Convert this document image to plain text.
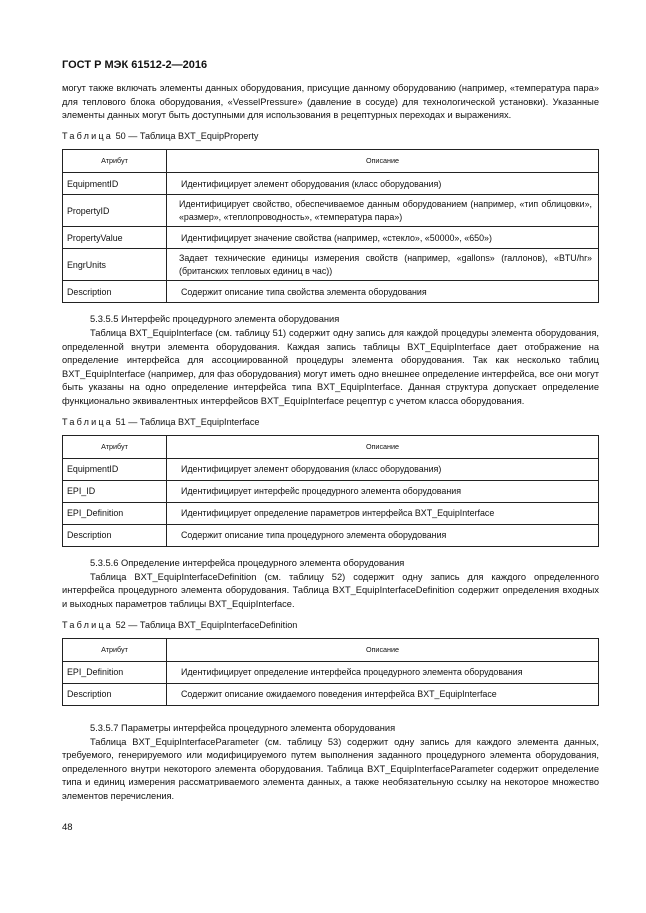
ГОСТ Р МЭК 61512-2—2016

могут также включать элементы данных оборудования, присущие данному оборудованию (например, «температура пара» для теплового блока оборудования, «VesselPressure» (давление в сосуде) для технологической установки). Указанные элементы данных могут быть доступными для использования в рецептурных переходах и выражениях.

Таблица 50 — Таблица BXT_EquipProperty
Атрибут	Описание
EquipmentID	Идентифицирует элемент оборудования (класс оборудования)
PropertyID	Идентифицирует свойство, обеспечиваемое данным оборудованием (например, «тип облицовки», «размер», «теплопроводность», «температура пара»)
PropertyValue	Идентифицирует значение свойства (например, «стекло», «50000», «650»)
EngrUnits	Задает технические единицы измерения свойств (например, «gallons» (галлонов), «BTU/hr» (британских тепловых единиц в час))
Description	Содержит описание типа свойства элемента оборудования

5.3.5.5 Интерфейс процедурного элемента оборудования

Таблица BXT_EquipInterface (см. таблицу 51) содержит одну запись для каждой процедуры элемента оборудования, определенной внутри элемента оборудования. Каждая запись таблицы BXT_EquipInterface дает отображение на определение интерфейса для ассоциированной процедуры элемента оборудования. Так как несколько таблиц BXT_EquipInterface (например, для фаз оборудования) могут иметь одно внешнее определение интерфейса, все они могут быть указаны на одно определение интерфейса типа BXT_EquipInterface. Данная структура допускает определение функционально эквивалентных интерфейсов BXT_EquipInterface рецептур с учетом класса оборудования.

Таблица 51 — Таблица BXT_EquipInterface
Атрибут	Описание
EquipmentID	Идентифицирует элемент оборудования (класс оборудования)
EPI_ID	Идентифицирует интерфейс процедурного элемента оборудования
EPI_Definition	Идентифицирует определение параметров интерфейса BXT_EquipInterface
Description	Содержит описание типа процедурного элемента оборудования

5.3.5.6 Определение интерфейса процедурного элемента оборудования

Таблица BXT_EquipInterfaceDefinition (см. таблицу 52) содержит одну запись для каждого определенного интерфейса процедурного элемента оборудования. Таблица BXT_EquipInterfaceDefinition содержит определения входных и выходных параметров таблицы BXT_EquipInterface.

Таблица 52 — Таблица BXT_EquipInterfaceDefinition
Атрибут	Описание
EPI_Definition	Идентифицирует определение интерфейса процедурного элемента оборудования
Description	Содержит описание ожидаемого поведения интерфейса BXT_EquipInterface

5.3.5.7 Параметры интерфейса процедурного элемента оборудования

Таблица BXT_EquipInterfaceParameter (см. таблицу 53) содержит одну запись для каждого элемента данных, требуемого, генерируемого или модифицируемого путем выполнения заданного процедурного элемента оборудования, определенного внутри некоторого элемента оборудования. Таблица BXT_EquipInterfaceParameter содержит определение типа и единиц измерения рассматриваемого элемента данных, а также необязательную ссылку на некоторое множество элементов перечисления.

48
